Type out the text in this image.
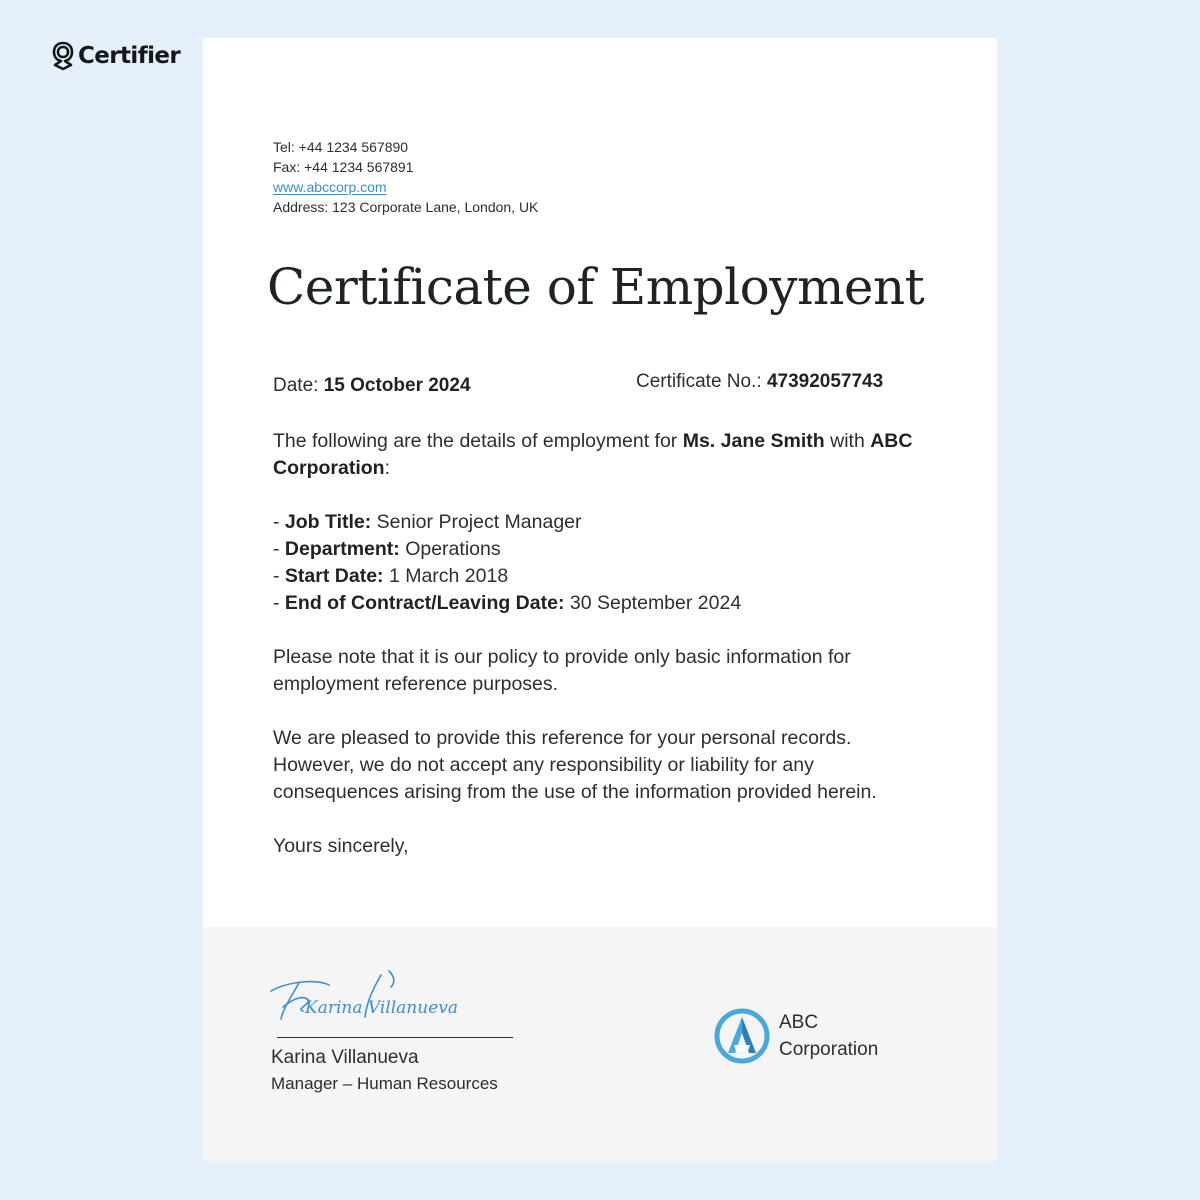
Certifier
Tel: +44 1234 567890
Fax: +44 1234 567891
www.abccorp.com
Address: 123 Corporate Lane, London, UK
Certificate of Employment
Date: 15 October 2024	Certificate No.: 47392057743

The following are the details of employment for Ms. Jane Smith with ABC Corporation:

- Job Title: Senior Project Manager
- Department: Operations
- Start Date: 1 March 2018
- End of Contract/Leaving Date: 30 September 2024

Please note that it is our policy to provide only basic information for employment reference purposes.

We are pleased to provide this reference for your personal records. However, we do not accept any responsibility or liability for any consequences arising from the use of the information provided herein.

Yours sincerely,

Karina Villanueva
Karina Villanueva
Manager – Human Resources
ABC
Corporation
